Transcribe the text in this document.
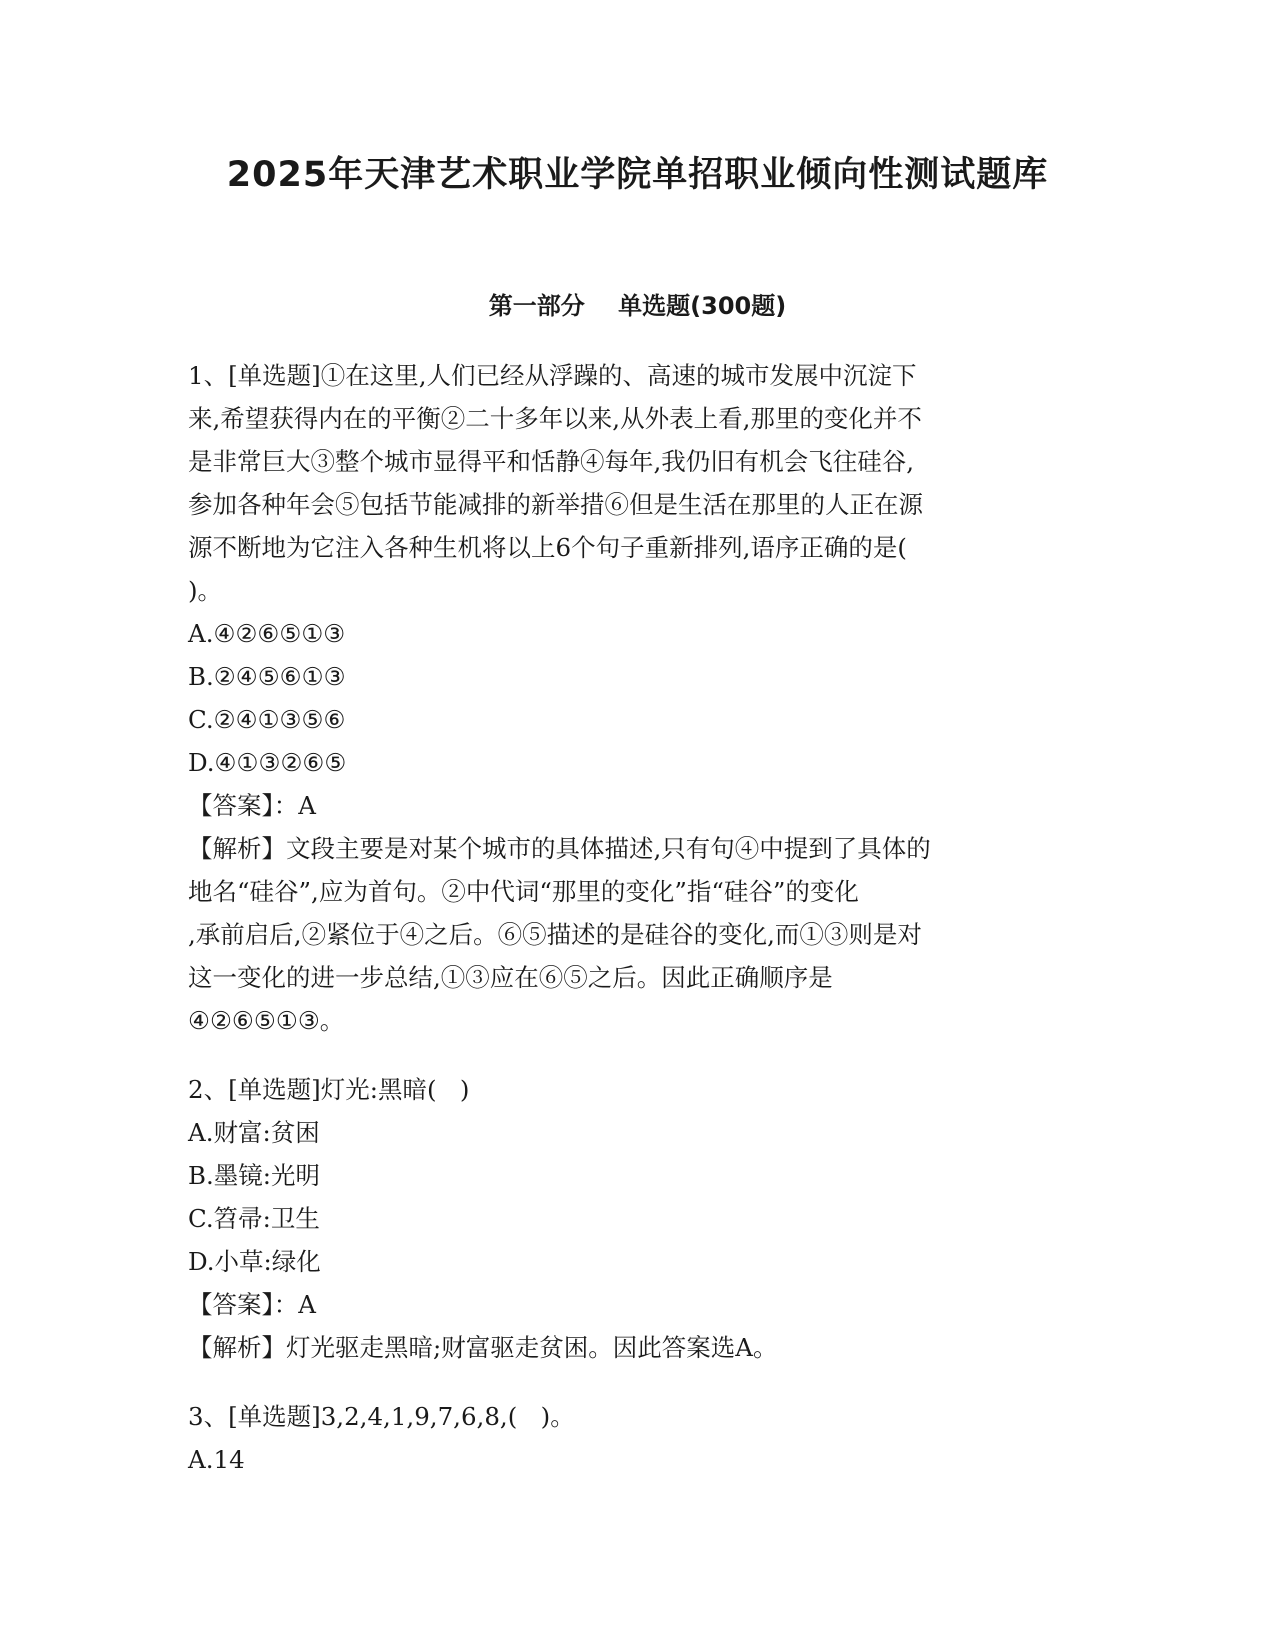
2025年天津艺术职业学院单招职业倾向性测试题库
第一部分    单选题(300题)
1、[单选题]①在这里,人们已经从浮躁的、高速的城市发展中沉淀下
来,希望获得内在的平衡②二十多年以来,从外表上看,那里的变化并不
是非常巨大③整个城市显得平和恬静④每年,我仍旧有机会飞往硅谷,
参加各种年会⑤包括节能减排的新举措⑥但是生活在那里的人正在源
源不断地为它注入各种生机将以上6个句子重新排列,语序正确的是(
)。
A.④②⑥⑤①③
B.②④⑤⑥①③
C.②④①③⑤⑥
D.④①③②⑥⑤
【答案】：A
【解析】文段主要是对某个城市的具体描述,只有句④中提到了具体的
地名“硅谷”,应为首句。②中代词“那里的变化”指“硅谷”的变化
,承前启后,②紧位于④之后。⑥⑤描述的是硅谷的变化,而①③则是对
这一变化的进一步总结,①③应在⑥⑤之后。因此正确顺序是
④②⑥⑤①③。
2、[单选题]灯光:黑暗(   )
A.财富:贫困
B.墨镜:光明
C.笤帚:卫生
D.小草:绿化
【答案】：A
【解析】灯光驱走黑暗;财富驱走贫困。因此答案选A。
3、[单选题]3,2,4,1,9,7,6,8,(   )。
A.14
